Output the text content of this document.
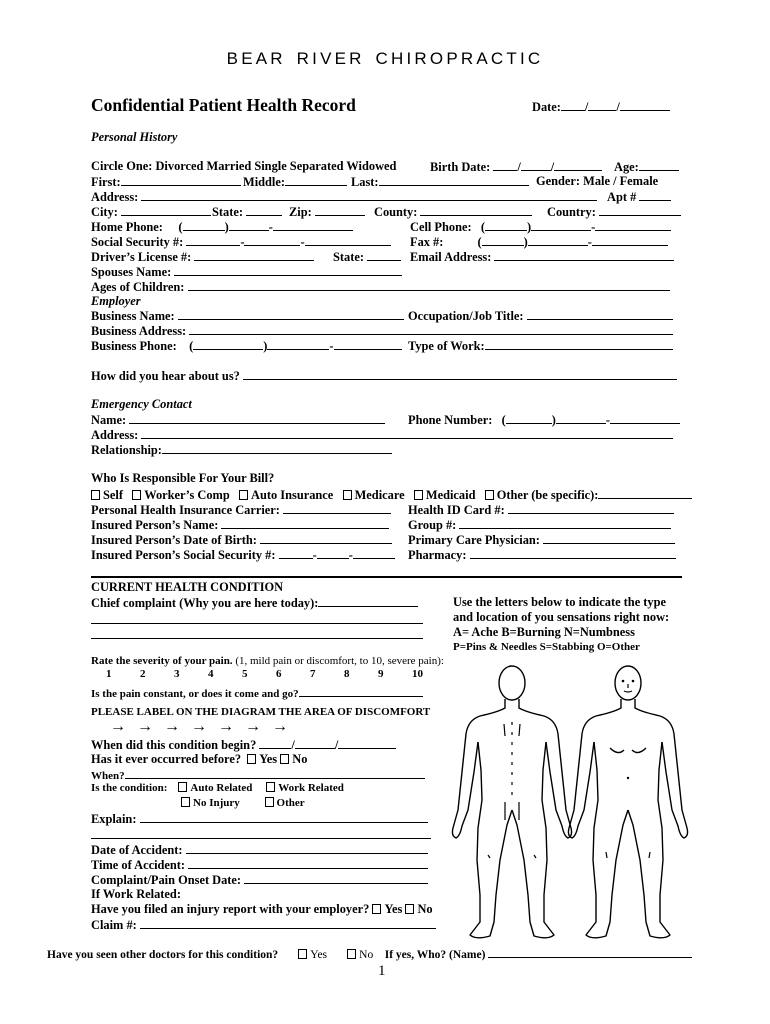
BEAR RIVER CHIROPRACTIC
Confidential Patient Health Record	Date: / /
Personal History
Circle One: Divorced Married Single Separated Widowed	Birth Date: / /	Age:
First:	Middle:	Last:	Gender: Male / Female
Address:	Apt #
City:	State:	Zip:	County:	Country:
Home Phone:     (	)	-	Cell Phone:   (	)	-
Social Security #:	-	-	Fax #:           (	)	-
Driver’s License #:	State:	Email Address:
Spouses Name:
Ages of Children:
Employer
Business Name:	Occupation/Job Title:
Business Address:
Business Phone:    (	)	-	Type of Work:
How did you hear about us?
Emergency Contact
Name:	Phone Number:   (	)	-
Address:
Relationship:
Who Is Responsible For Your Bill?
Self Worker’s Comp Auto Insurance Medicare Medicaid Other (be specific):
Personal Health Insurance Carrier:	Health ID Card #:
Insured Person’s Name:	Group #:
Insured Person’s Date of Birth:	Primary Care Physician:
Insured Person’s Social Security #:	-	-	Pharmacy:
CURRENT HEALTH CONDITION
Chief complaint (Why you are here today):	Use the letters below to indicate the type
and location of you sensations right now:
A= Ache B=Burning N=Numbness
P=Pins & Needles S=Stabbing O=Other
Rate the severity of your pain. (1, mild pain or discomfort, to 10, severe pain):
1	2	3	4	5	6	7	8	9	10
Is the pain constant, or does it come and go?
PLEASE LABEL ON THE DIAGRAM THE AREA OF DISCOMFORT
→ → → → → → →
When did this condition begin?	/	/
Has it ever occurred before? Yes No
When?
Is the condition: Auto Related Work Related
No Injury	Other
Explain:
Date of Accident:
Time of Accident:
Complaint/Pain Onset Date:
If Work Related:
Have you filed an injury report with your employer? Yes No
Claim #:
Have you seen other doctors for this condition?	Yes	No If yes, Who? (Name)
1
